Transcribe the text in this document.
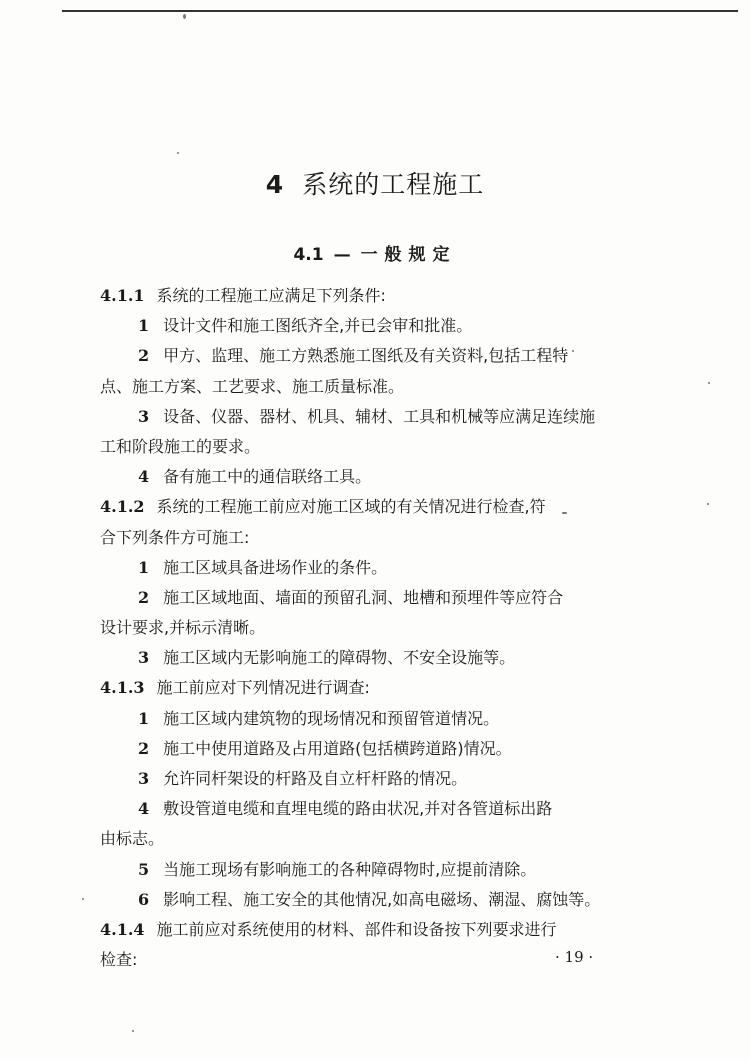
4 系统的工程施工
4.1 — 一般规定
4.1.1 系统的工程施工应满足下列条件:
1 设计文件和施工图纸齐全,并已会审和批准。
2 甲方、监理、施工方熟悉施工图纸及有关资料,包括工程特
点、施工方案、工艺要求、施工质量标准。
3 设备、仪器、器材、机具、辅材、工具和机械等应满足连续施
工和阶段施工的要求。
4 备有施工中的通信联络工具。
4.1.2 系统的工程施工前应对施工区域的有关情况进行检查,符
合下列条件方可施工:
1 施工区域具备进场作业的条件。
2 施工区域地面、墙面的预留孔洞、地槽和预埋件等应符合
设计要求,并标示清晰。
3 施工区域内无影响施工的障碍物、不安全设施等。
4.1.3 施工前应对下列情况进行调查:
1 施工区域内建筑物的现场情况和预留管道情况。
2 施工中使用道路及占用道路(包括横跨道路)情况。
3 允许同杆架设的杆路及自立杆杆路的情况。
4 敷设管道电缆和直埋电缆的路由状况,并对各管道标出路
由标志。
5 当施工现场有影响施工的各种障碍物时,应提前清除。
6 影响工程、施工安全的其他情况,如高电磁场、潮湿、腐蚀等。
4.1.4 施工前应对系统使用的材料、部件和设备按下列要求进行
检查:	· 19 ·
